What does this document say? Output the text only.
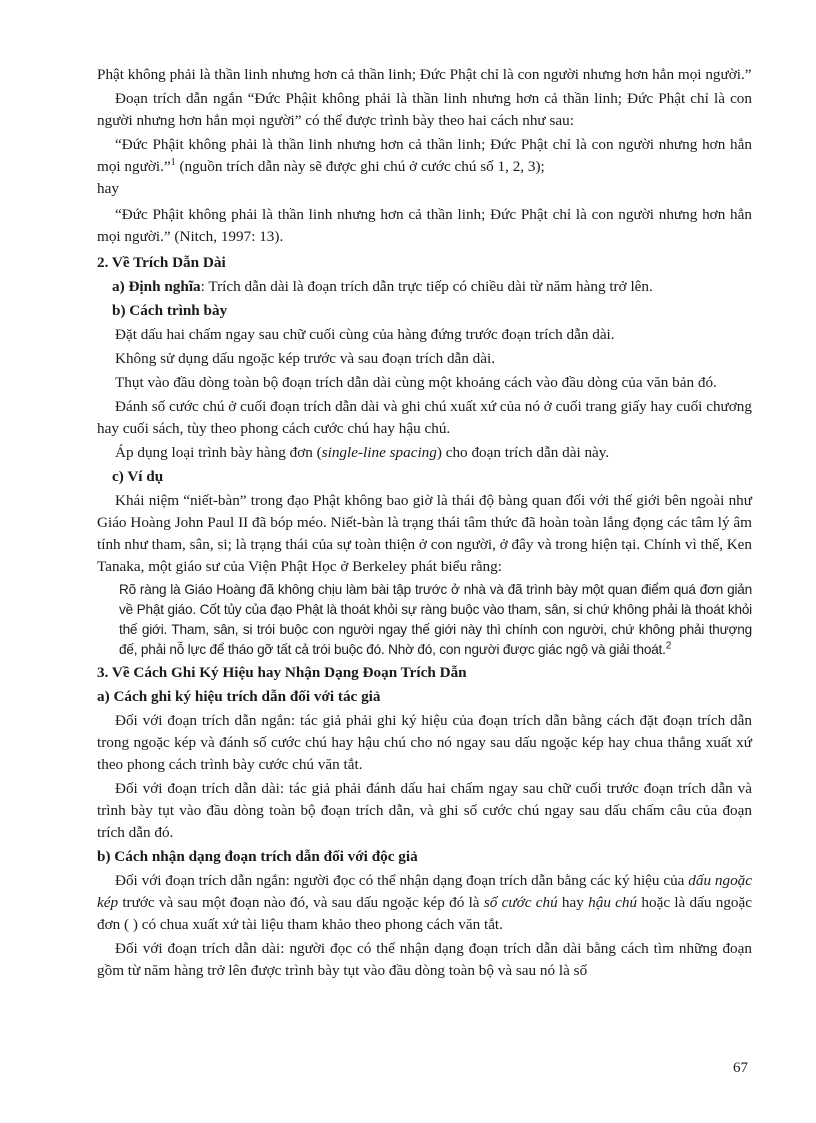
Phật không phải là thần linh nhưng hơn cả thần linh; Đức Phật chỉ là con người nhưng hơn hẳn mọi người.”

Đoạn trích dẫn ngắn “Đức Phậit không phải là thần linh nhưng hơn cả thần linh; Đức Phật chỉ là con người nhưng hơn hẳn mọi người” có thể được trình bày theo hai cách như sau:

“Đức Phậit không phải là thần linh nhưng hơn cả thần linh; Đức Phật chỉ là con người nhưng hơn hẳn mọi người.”$^1$ (nguồn trích dẫn này sẽ được ghi chú ở cước chú số 1, 2, 3);
hay

“Đức Phậit không phải là thần linh nhưng hơn cả thần linh; Đức Phật chỉ là con người nhưng hơn hẳn mọi người.” (Nitch, 1997: 13).

2. Về Trích Dẫn Dài

a) Định nghĩa: Trích dẫn dài là đoạn trích dẫn trực tiếp có chiều dài từ năm hàng trở lên.

b) Cách trình bày

Đặt dấu hai chấm ngay sau chữ cuối cùng của hàng đứng trước đoạn trích dẫn dài.

Không sử dụng dấu ngoặc kép trước và sau đoạn trích dẫn dài.

Thụt vào đầu dòng toàn bộ đoạn trích dẫn dài cùng một khoảng cách vào đầu dòng của văn bản đó.

Đánh số cước chú ở cuối đoạn trích dẫn dài và ghi chú xuất xứ của nó ở cuối trang giấy hay cuối chương hay cuối sách, tùy theo phong cách cước chú hay hậu chú.

Áp dụng loại trình bày hàng đơn (single-line spacing) cho đoạn trích dẫn dài này.

c) Ví dụ

Khái niệm “niết-bàn” trong đạo Phật không bao giờ là thái độ bàng quan đối với thế giới bên ngoài như Giáo Hoàng John Paul II đã bóp méo. Niết-bàn là trạng thái tâm thức đã hoàn toàn lắng đọng các tâm lý âm tính như tham, sân, si; là trạng thái của sự toàn thiện ở con người, ở đây và trong hiện tại. Chính vì thế, Ken Tanaka, một giáo sư của Viện Phật Học ở Berkeley phát biểu rằng:

Rõ ràng là Giáo Hoàng đã không chịu làm bài tập trước ở nhà và đã trình bày một quan điểm quá đơn giản về Phật giáo. Cốt tủy của đạo Phật là thoát khỏi sự ràng buộc vào tham, sân, si chứ không phải là thoát khỏi thế giới. Tham, sân, si trói buộc con người ngay thế giới này thì chính con người, chứ không phải thượng đế, phải nỗ lực để tháo gỡ tất cả trói buộc đó. Nhờ đó, con người được giác ngộ và giải thoát.$^2$
3. Về Cách Ghi Ký Hiệu hay Nhận Dạng Đoạn Trích Dẫn

a) Cách ghi ký hiệu trích dẫn đối với tác giả

Đối với đoạn trích dẫn ngắn: tác giả phải ghi ký hiệu của đoạn trích dẫn bằng cách đặt đoạn trích dẫn trong ngoặc kép và đánh số cước chú hay hậu chú cho nó ngay sau dấu ngoặc kép hay chua thẳng xuất xứ theo phong cách trình bày cước chú văn tắt.

Đối với đoạn trích dẫn dài: tác giả phải đánh dấu hai chấm ngay sau chữ cuối trước đoạn trích dẫn và trình bày tụt vào đầu dòng toàn bộ đoạn trích dẫn, và ghi số cước chú ngay sau dấu chấm câu của đoạn trích dẫn đó.

b) Cách nhận dạng đoạn trích dẫn đối với độc giả

Đối với đoạn trích dẫn ngắn: người đọc có thể nhận dạng đoạn trích dẫn bằng các ký hiệu của dấu ngoặc kép trước và sau một đoạn nào đó, và sau dấu ngoặc kép đó là số cước chú hay hậu chú hoặc là dấu ngoặc đơn ( ) có chua xuất xứ tài liệu tham khảo theo phong cách văn tắt.

Đối với đoạn trích dẫn dài: người đọc có thể nhận dạng đoạn trích dẫn dài bằng cách tìm những đoạn gồm từ năm hàng trở lên được trình bày tụt vào đầu dòng toàn bộ và sau nó là số

67
